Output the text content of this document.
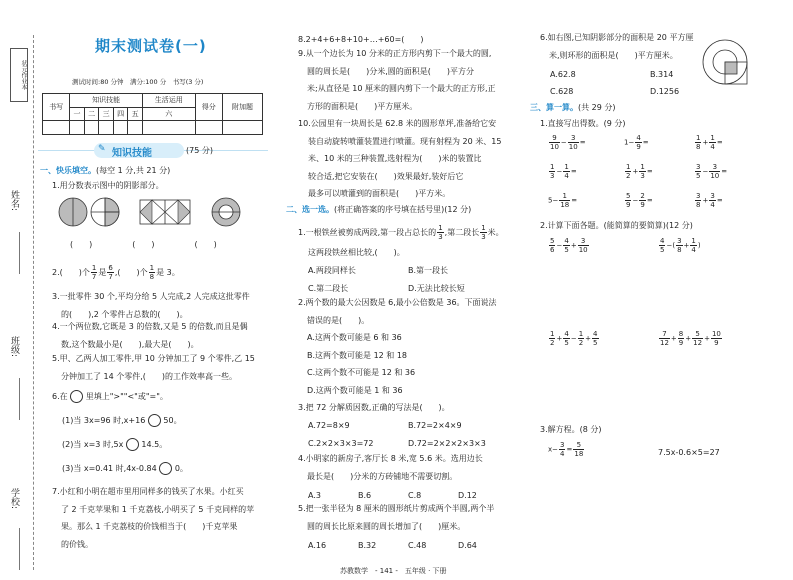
状元作业本
姓名:
班级:
学校:
期末测试卷(一)
测试时间:80 分钟　满分:100 分　书写(3 分)
书写	知识技能					生活运用	得分	附加题
	一	二	三	四	五	六		

✎ 知识技能	(75 分)
一、快乐填空。(每空 1 分,共 21 分)
1.用分数表示图中的阴影部分。
(　　)　　　　　(　　)　　　　　(　　)
2.(　　)个 $\frac{1}{7}$ 是 $\frac{6}{7}$ ,(　　)个 $\frac{1}{8}$ 是 3。
3.一批零件 30 个,平均分给 5 人完成,2 人完成这批零件
的(　　),2 个零件占总数的(　　)。
4.一个两位数,它既是 3 的倍数,又是 5 的倍数,而且是偶
数,这个数最小是(　　),最大是(　　)。
5.甲、乙两人加工零件,甲 10 分钟加工了 9 个零件,乙 15
分钟加工了 14 个零件,(　　)的工作效率高一些。
6.在 里填上">""<"或"="。
(1)当 3x=96 时,x+16 50。
(2)当 x=3 时,5x 14.5。
(3)当 x=0.41 时,4x-0.84 0。
7.小红和小明在超市里用同样多的钱买了水果。小红买
了 2 千克苹果和 1 千克荔枝,小明买了 5 千克同样的苹
果。那么 1 千克荔枝的价钱相当于(　　)千克苹果
的价钱。
8.2+4+6+8+10+…+60=(　　)
9.从一个边长为 10 分米的正方形内剪下一个最大的圆,
圆的周长是(　　)分米,圆的面积是(　　)平方分
米;从直径是 10 厘米的圆内剪下一个最大的正方形,正
方形的面积是(　　)平方厘米。
10.公园里有一块周长是 62.8 米的圆形草坪,准备给它安
装自动旋转喷灌装置进行喷灌。现有射程为 20 米、15
米、10 米的三种装置,选射程为(　　)米的装置比
较合适,把它安装在(　　)效果最好,装好后它
最多可以喷灌到的面积是(　　)平方米。
二、选一选。(将正确答案的序号填在括号里)(12 分)
1.一根铁丝被剪成两段,第一段占总长的 $\frac{1}{3}$ ,第二段长 $\frac{1}{3}$ 米。
这两段铁丝相比较,(　　)。
A.两段同样长	B.第一段长
C.第二段长	D.无法比较长短
2.两个数的最大公因数是 6,最小公倍数是 36。下面说法
错误的是(　　)。
A.这两个数可能是 6 和 36
B.这两个数可能是 12 和 18
C.这两个数不可能是 12 和 36
D.这两个数可能是 1 和 36
3.把 72 分解质因数,正确的写法是(　　)。
A.72=8×9	B.72=2×4×9
C.2×2×3×3=72	D.72=2×2×2×3×3
4.小明家的新房子,客厅长 8 米,宽 5.6 米。选用边长
最长是(　　)分米的方砖铺地不需要切割。
A.3	B.6	C.8	D.12
5.把一张半径为 8 厘米的圆形纸片剪成两个半圆,两个半
圆的周长比原来圆的周长增加了(　　)厘米。
A.16	B.32	C.48	D.64
6.如右图,已知阴影部分的面积是 20 平方厘
米,则环形的面积是(　　)平方厘米。
A.62.8	B.314
C.628	D.1256
三、算一算。(共 29 分)
1.直接写出得数。(9 分)
$\frac{9}{10} - \frac{3}{10}$ =	$1- \frac{4}{9}$ =	$\frac{1}{8} + \frac{1}{4}$ =
$\frac{1}{3} - \frac{1}{4}$ =	$\frac{1}{2} + \frac{1}{3}$ =	$\frac{3}{5} - \frac{3}{10}$ =
$5- \frac{1}{18}$ =	$\frac{5}{9} - \frac{2}{9}$ =	$\frac{3}{8} + \frac{3}{4}$ =
2.计算下面各题。(能简算的要简算)(12 分)
$\frac{5}{6} - \frac{4}{5} + \frac{3}{10}$	$\frac{4}{5}$ −( $\frac{3}{8} + \frac{1}{4}$ )
$\frac{1}{2} + \frac{4}{5} - \frac{1}{2} + \frac{4}{5}$	$\frac{7}{12} + \frac{8}{9} + \frac{5}{12} + \frac{10}{9}$
3.解方程。(8 分)
$x- \frac{3}{4} = \frac{5}{18}$	7.5x-0.6×5=27
苏教数学　- 141 -　五年级 · 下册
